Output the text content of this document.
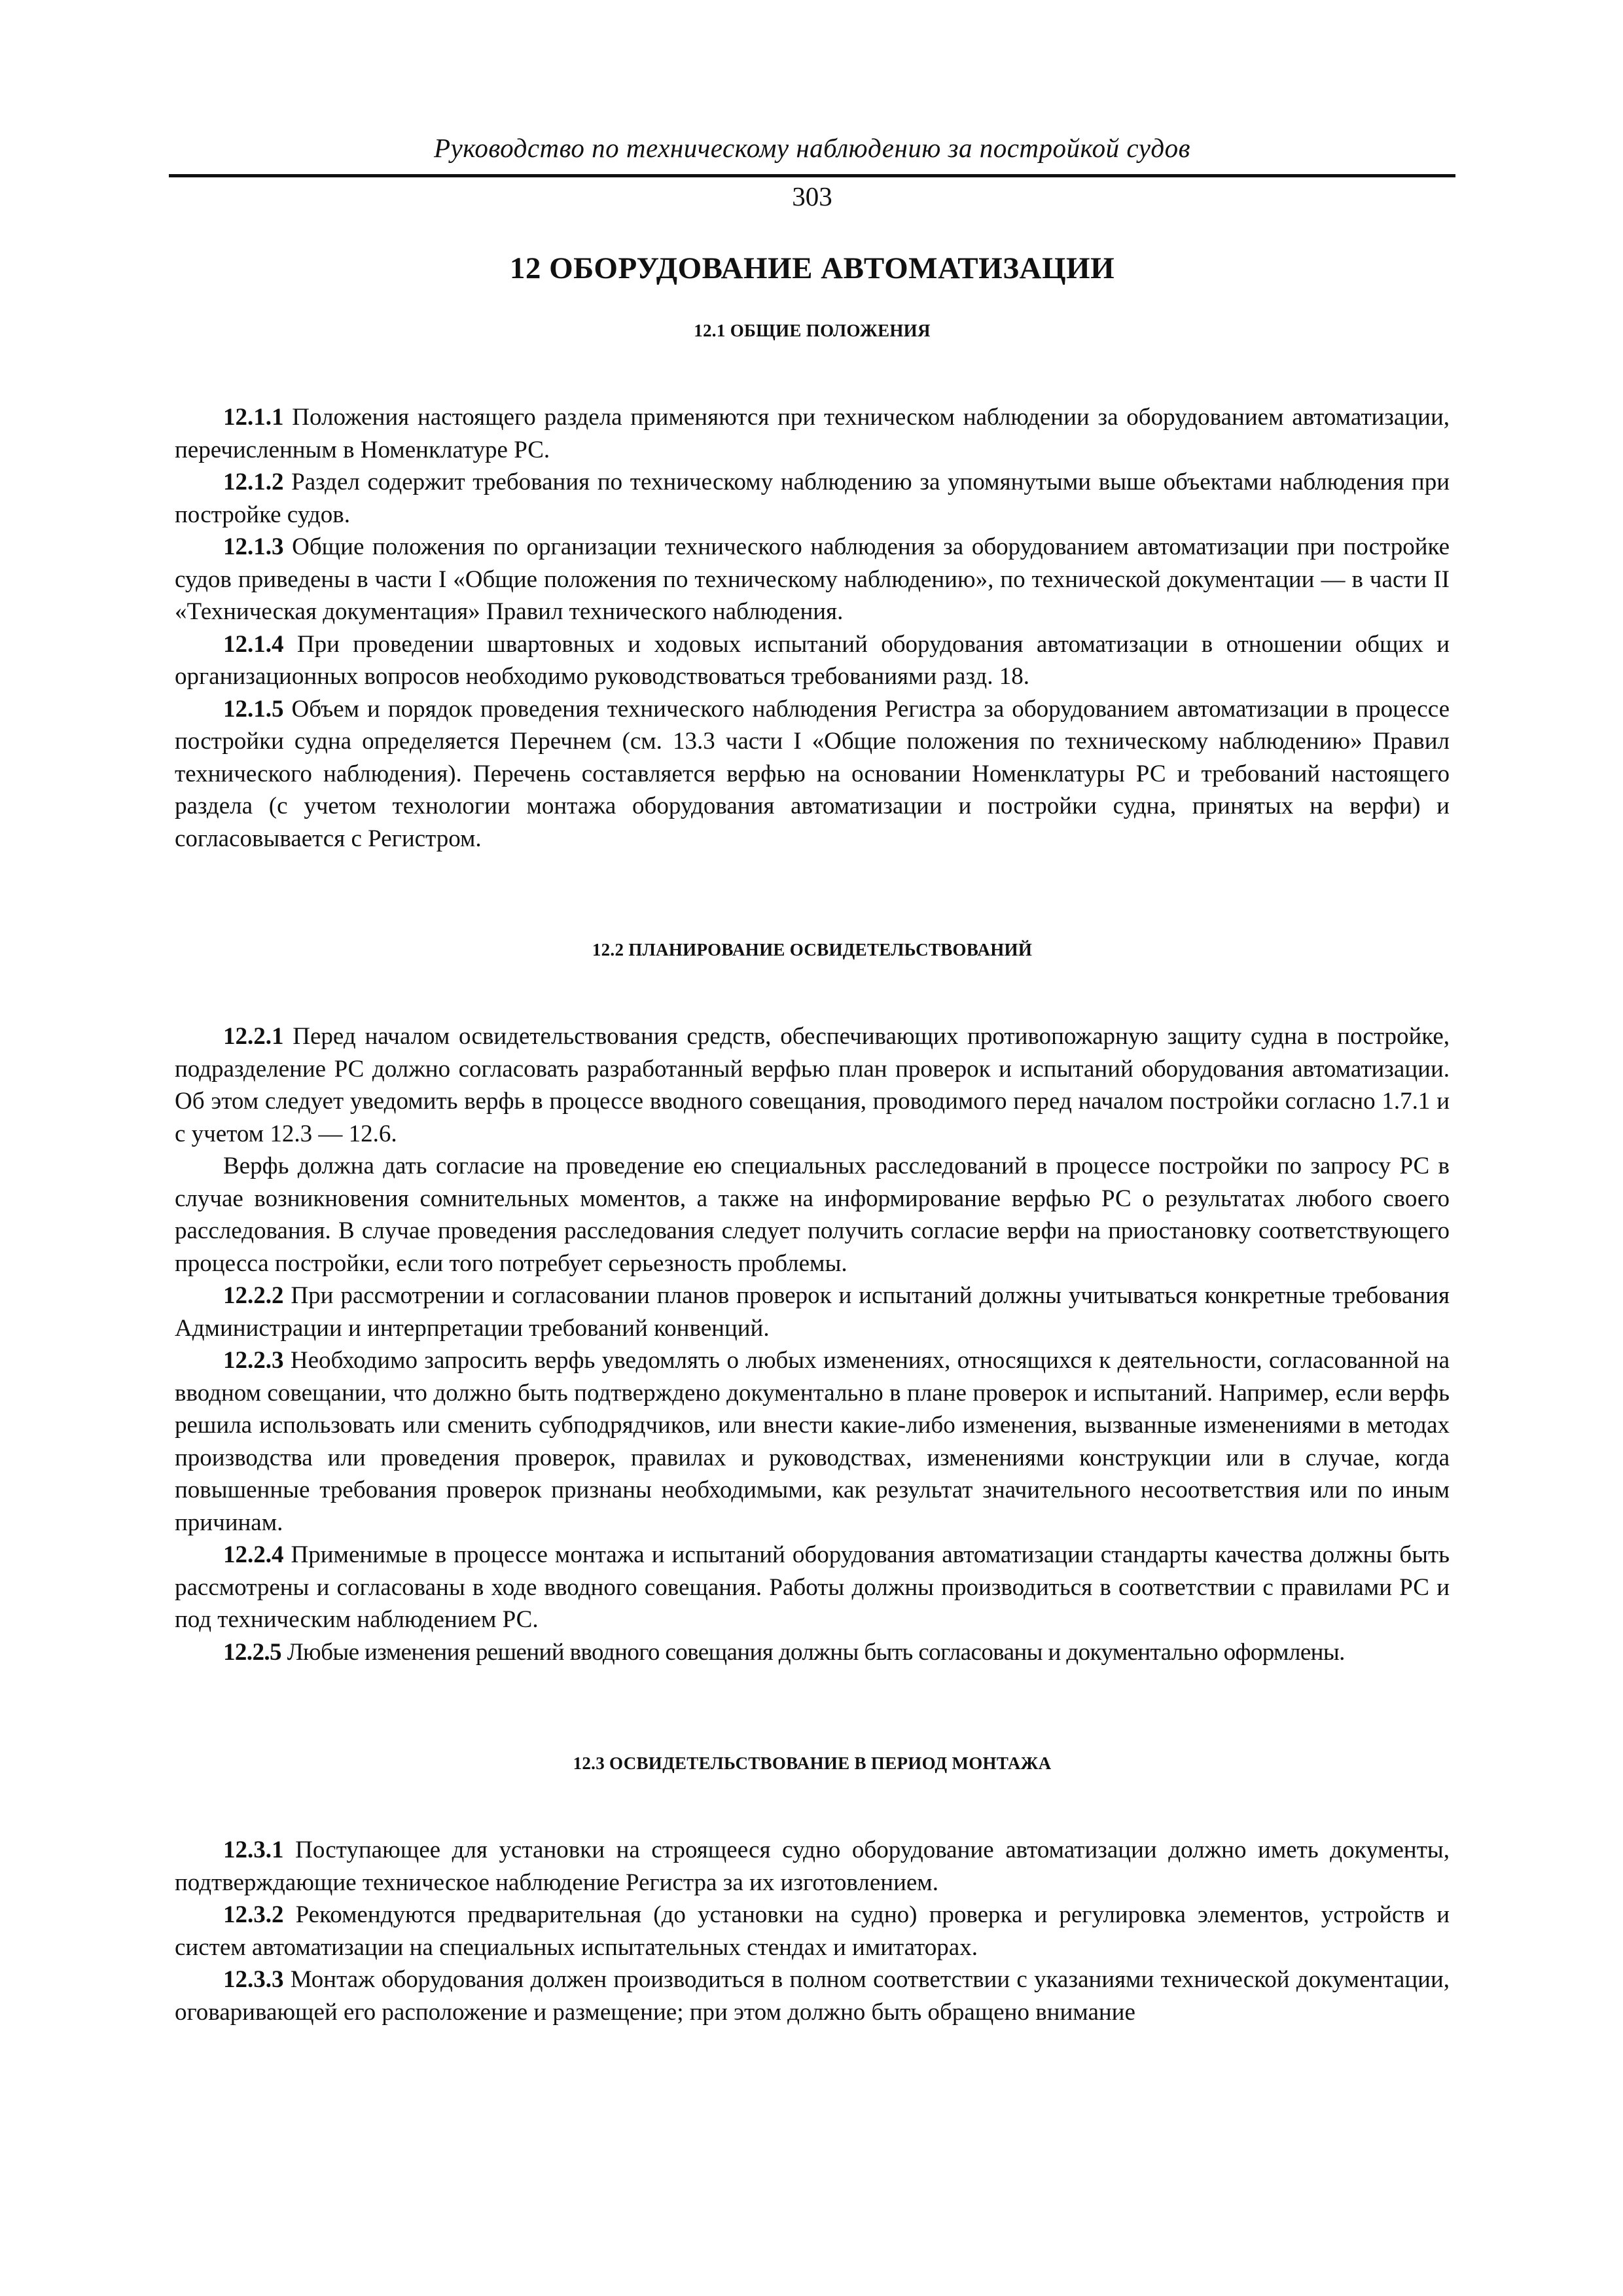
Руководство по техническому наблюдению за постройкой судов
303
12 ОБОРУДОВАНИЕ АВТОМАТИЗАЦИИ
12.1 ОБЩИЕ ПОЛОЖЕНИЯ

12.1.1 Положения настоящего раздела применяются при техническом наблюдении за оборудованием автоматизации, перечисленным в Номенклатуре РС.

12.1.2 Раздел содержит требования по техническому наблюдению за упомянутыми выше объектами наблюдения при постройке судов.

12.1.3 Общие положения по организации технического наблюдения за оборудованием автоматизации при постройке судов приведены в части I «Общие положения по техническому наблюдению», по технической документации — в части II «Техническая документация» Правил технического наблюдения.

12.1.4 При проведении швартовных и ходовых испытаний оборудования автоматизации в отношении общих и организационных вопросов необходимо руководствоваться требованиями разд. 18.

12.1.5 Объем и порядок проведения технического наблюдения Регистра за оборудованием автоматизации в процессе постройки судна определяется Перечнем (см. 13.3 части I «Общие положения по техническому наблюдению» Правил технического наблюдения). Перечень составляется верфью на основании Номенклатуры РС и требований настоящего раздела (с учетом технологии монтажа оборудования автоматизации и постройки судна, принятых на верфи) и согласовывается с Регистром.

12.2 ПЛАНИРОВАНИЕ ОСВИДЕТЕЛЬСТВОВАНИЙ

12.2.1 Перед началом освидетельствования средств, обеспечивающих противопожарную защиту судна в постройке, подразделение РС должно согласовать разработанный верфью план проверок и испытаний оборудования автоматизации. Об этом следует уведомить верфь в процессе вводного совещания, проводимого перед началом постройки согласно 1.7.1 и с учетом 12.3 — 12.6.

Верфь должна дать согласие на проведение ею специальных расследований в процессе постройки по запросу РС в случае возникновения сомнительных моментов, а также на информирование верфью РС о результатах любого своего расследования. В случае проведения расследования следует получить согласие верфи на приостановку соответствующего процесса постройки, если того потребует серьезность проблемы.

12.2.2 При рассмотрении и согласовании планов проверок и испытаний должны учитываться конкретные требования Администрации и интерпретации требований конвенций.

12.2.3 Необходимо запросить верфь уведомлять о любых изменениях, относящихся к деятельности, согласованной на вводном совещании, что должно быть подтверждено документально в плане проверок и испытаний. Например, если верфь решила использовать или сменить субподрядчиков, или внести какие-либо изменения, вызванные изменениями в методах производства или проведения проверок, правилах и руководствах, изменениями конструкции или в случае, когда повышенные требования проверок признаны необходимыми, как результат значительного несоответствия или по иным причинам.

12.2.4 Применимые в процессе монтажа и испытаний оборудования автоматизации стандарты качества должны быть рассмотрены и согласованы в ходе вводного совещания. Работы должны производиться в соответствии с правилами РС и под техническим наблюдением РС.

12.2.5 Любые изменения решений вводного совещания должны быть согласованы и документально оформлены.

12.3 ОСВИДЕТЕЛЬСТВОВАНИЕ В ПЕРИОД МОНТАЖА

12.3.1 Поступающее для установки на строящееся судно оборудование автоматизации должно иметь документы, подтверждающие техническое наблюдение Регистра за их изготовлением.

12.3.2 Рекомендуются предварительная (до установки на судно) проверка и регулировка элементов, устройств и систем автоматизации на специальных испытательных стендах и имитаторах.

12.3.3 Монтаж оборудования должен производиться в полном соответствии с указаниями технической документации, оговаривающей его расположение и размещение; при этом должно быть обращено внимание
